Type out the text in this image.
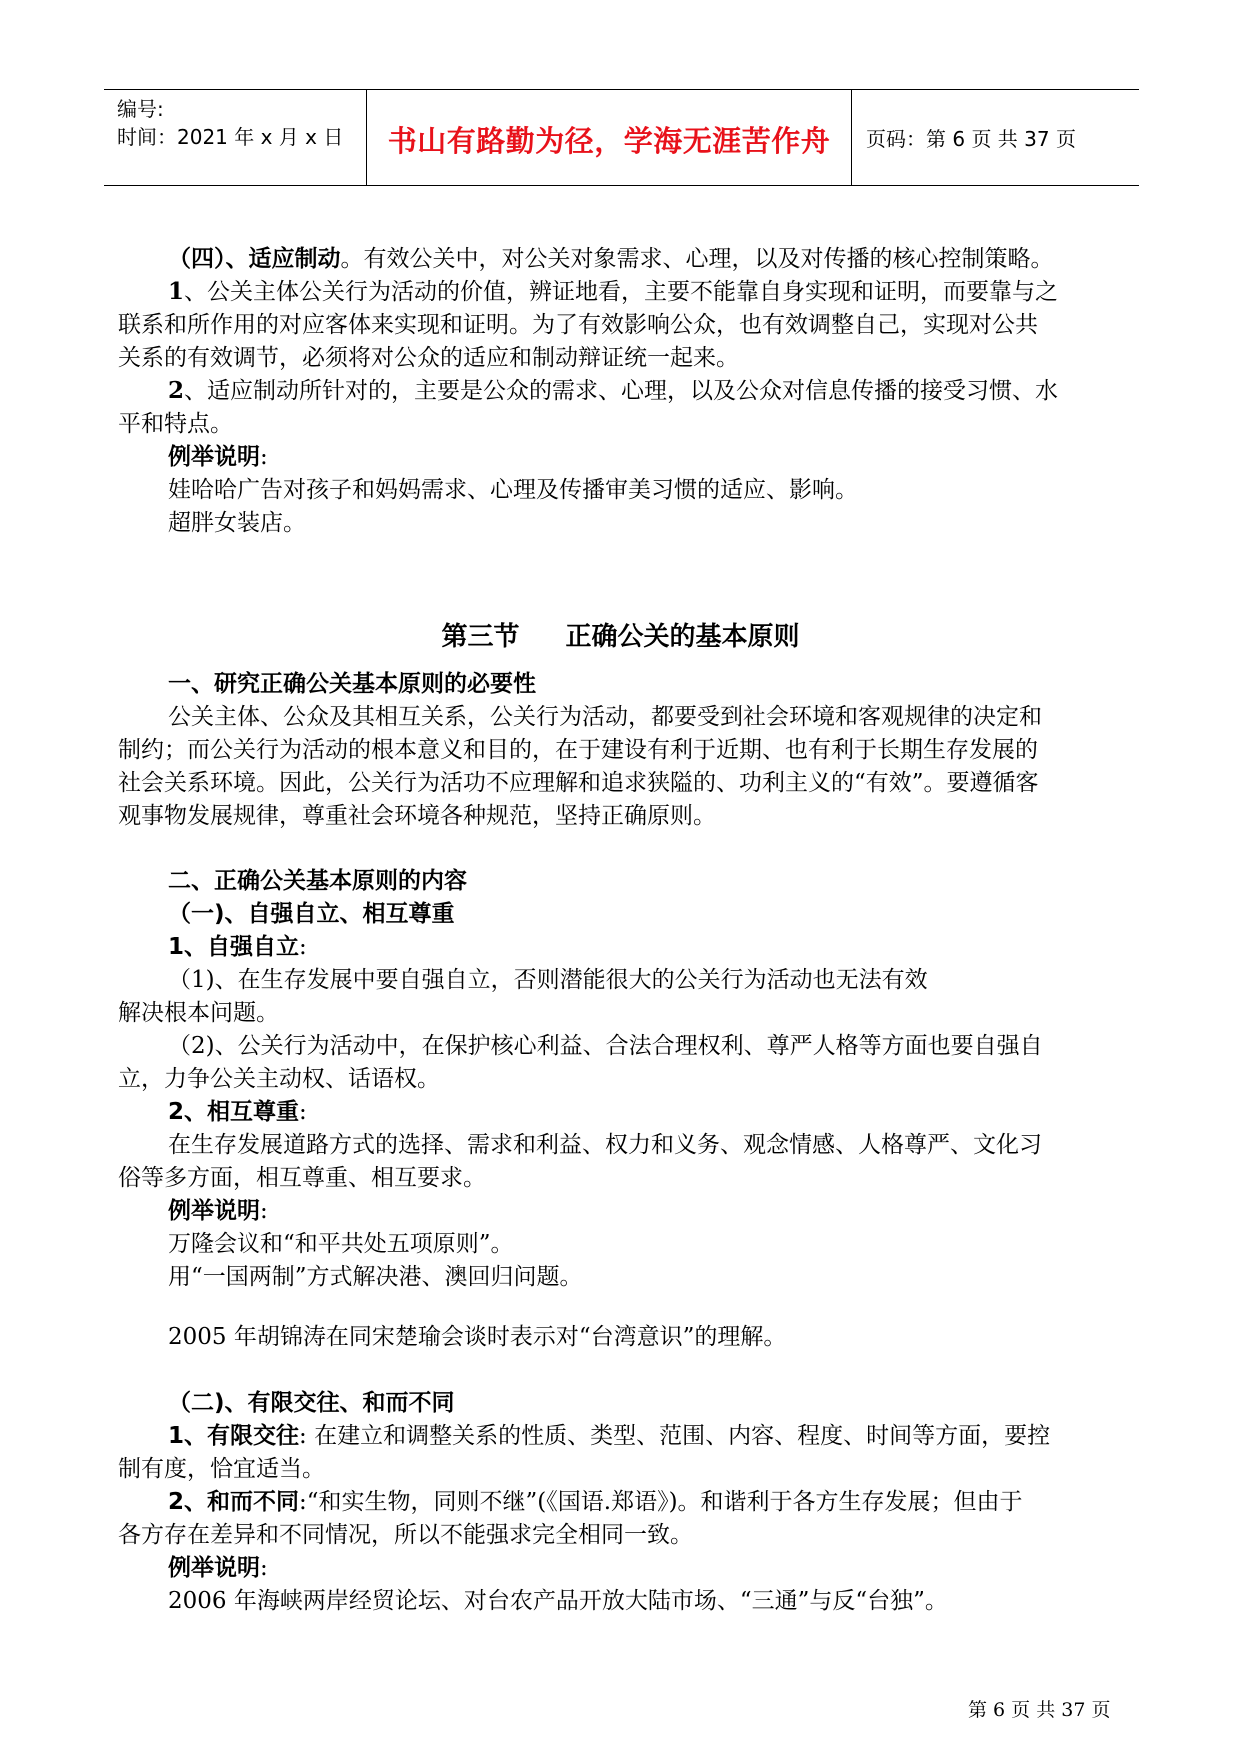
编号:
时间：2021 年 x 月 x 日	书山有路勤为径，学海无涯苦作舟	页码：第 6 页 共 37 页
（四）、适应制动。有效公关中，对公关对象需求、心理，以及对传播的核心控制策略。
1、公关主体公关行为活动的价值，辨证地看，主要不能靠自身实现和证明，而要靠与之
联系和所作用的对应客体来实现和证明。为了有效影响公众，也有效调整自己，实现对公共
关系的有效调节，必须将对公众的适应和制动辩证统一起来。
2、适应制动所针对的，主要是公众的需求、心理，以及公众对信息传播的接受习惯、水
平和特点。
例举说明:
娃哈哈广告对孩子和妈妈需求、心理及传播审美习惯的适应、影响。
超胖女装店。
第三节 正确公关的基本原则
一、研究正确公关基本原则的必要性
公关主体、公众及其相互关系，公关行为活动，都要受到社会环境和客观规律的决定和
制约；而公关行为活动的根本意义和目的，在于建设有利于近期、也有利于长期生存发展的
社会关系环境。因此，公关行为活功不应理解和追求狭隘的、功利主义的“有效”。要遵循客
观事物发展规律，尊重社会环境各种规范，坚持正确原则。
二、正确公关基本原则的内容
（一)、自强自立、相互尊重
1、自强自立:
（1)、在生存发展中要自强自立，否则潜能很大的公关行为活动也无法有效
解决根本问题。
（2)、公关行为活动中，在保护核心利益、合法合理权利、尊严人格等方面也要自强自
立，力争公关主动权、话语权。
2、相互尊重:
在生存发展道路方式的选择、需求和利益、权力和义务、观念情感、人格尊严、文化习
俗等多方面，相互尊重、相互要求。
例举说明:
万隆会议和“和平共处五项原则”。
用“一国两制”方式解决港、澳回归问题。
2005 年胡锦涛在同宋楚瑜会谈时表示对“台湾意识”的理解。
（二)、有限交往、和而不同
1、有限交往: 在建立和调整关系的性质、类型、范围、内容、程度、时间等方面，要控
制有度，恰宜适当。
2、和而不同:“和实生物，同则不继”(《国语.郑语》)。和谐利于各方生存发展；但由于
各方存在差异和不同情况，所以不能强求完全相同一致。
例举说明:
2006 年海峡两岸经贸论坛、对台农产品开放大陆市场、“三通”与反“台独”。
第 6 页 共 37 页
